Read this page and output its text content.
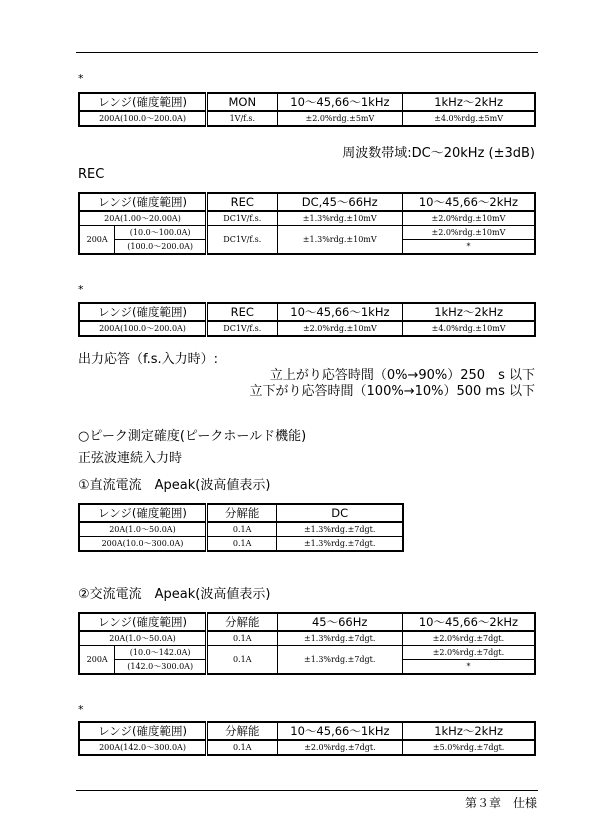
*
レンジ(確度範囲)	MON	10～45,66～1kHz	1kHz～2kHz
200A(100.0～200.0A)	1V/f.s.	±2.0%rdg.±5mV	±4.0%rdg.±5mV
周波数帯域:DC～20kHz (±3dB)
REC
レンジ(確度範囲)		REC	DC,45～66Hz	10～45,66～2kHz
20A(1.00～20.00A)		DC1V/f.s.	±1.3%rdg.±10mV	±2.0%rdg.±10mV
200A	(10.0～100.0A)	DC1V/f.s.	±1.3%rdg.±10mV	±2.0%rdg.±10mV
	(100.0～200.0A)			*
*
レンジ(確度範囲)	REC	10～45,66～1kHz	1kHz～2kHz
200A(100.0～200.0A)	DC1V/f.s.	±2.0%rdg.±10mV	±4.0%rdg.±10mV
出力応答（f.s.入力時）:
立上がり応答時間（0%→90%）250　s 以下
立下がり応答時間（100%→10%）500 ms 以下
○ピーク測定確度(ピークホールド機能)
正弦波連続入力時
①直流電流　Apeak(波高値表示)
レンジ(確度範囲)	分解能	DC
20A(1.0～50.0A)	0.1A	±1.3%rdg.±7dgt.
200A(10.0～300.0A)	0.1A	±1.3%rdg.±7dgt.
②交流電流　Apeak(波高値表示)
レンジ(確度範囲)		分解能	45～66Hz	10～45,66～2kHz
20A(1.0～50.0A)		0.1A	±1.3%rdg.±7dgt.	±2.0%rdg.±7dgt.
200A	(10.0～142.0A)	0.1A	±1.3%rdg.±7dgt.	±2.0%rdg.±7dgt.
	(142.0～300.0A)			*
*
レンジ(確度範囲)	分解能	10～45,66～1kHz	1kHz～2kHz
200A(142.0～300.0A)	0.1A	±2.0%rdg.±7dgt.	±5.0%rdg.±7dgt.
第３章　仕様
